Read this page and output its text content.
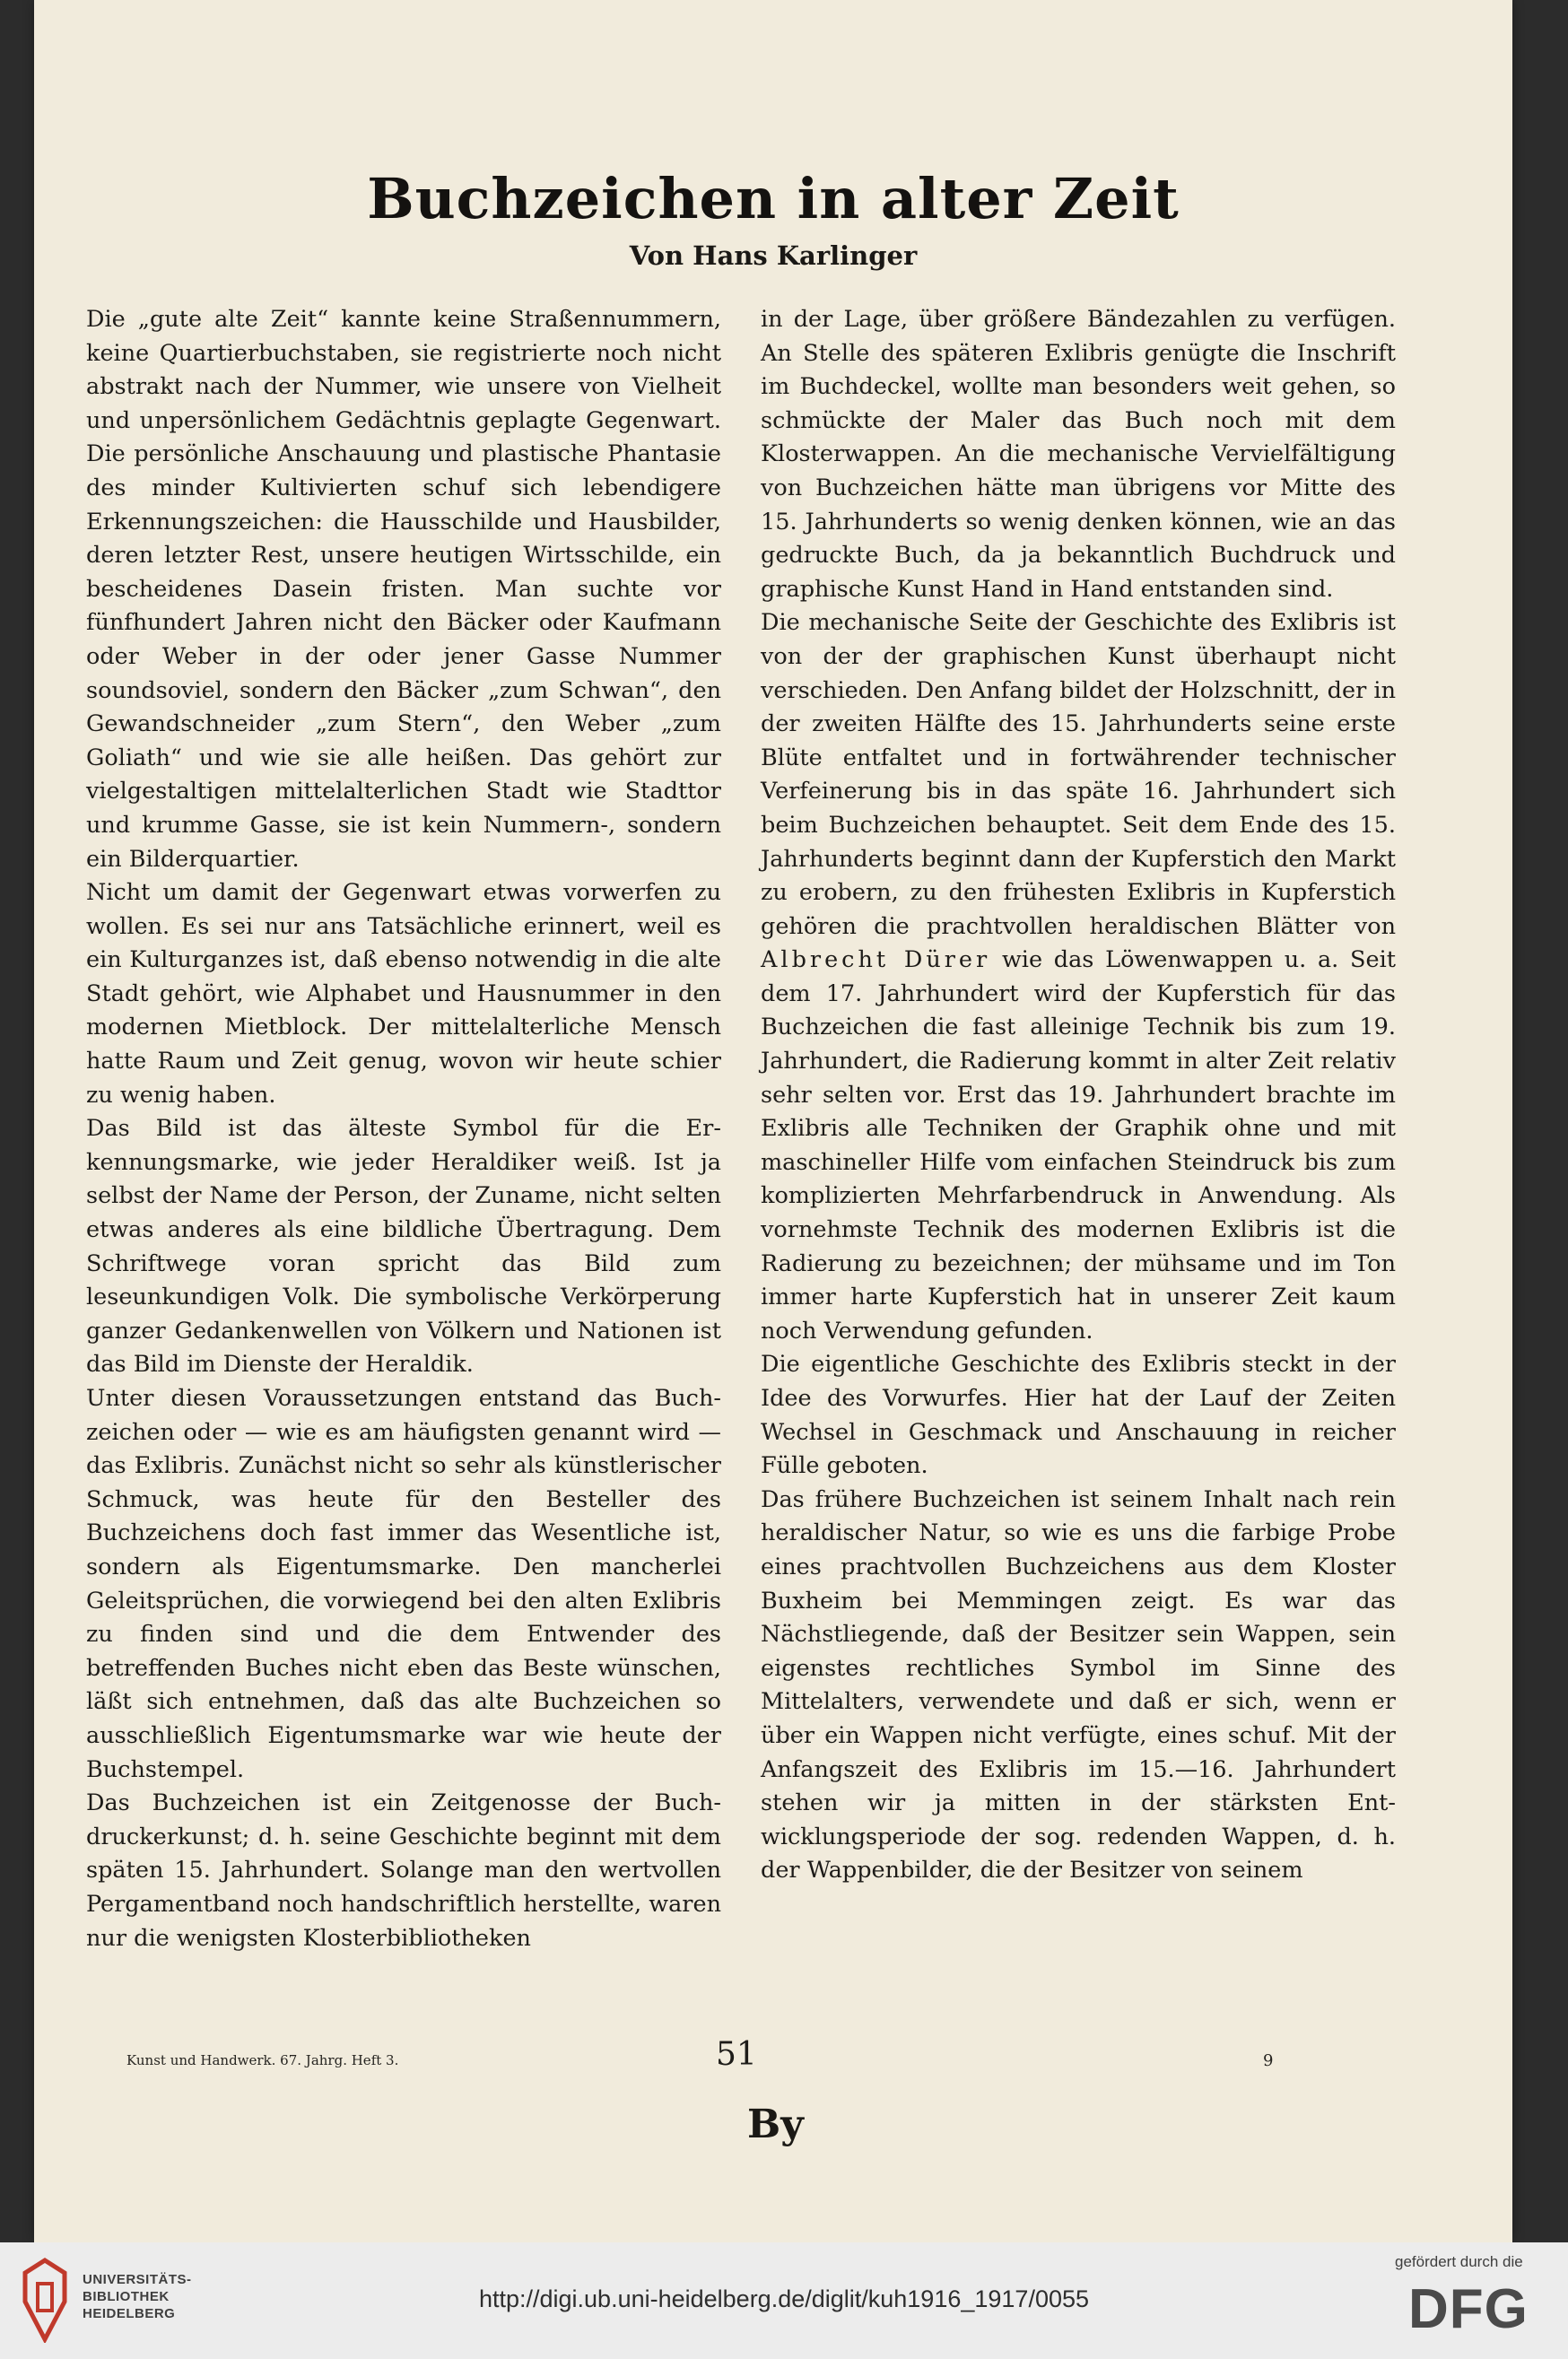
Buchzeichen in alter Zeit
Von Hans Karlinger

Die „gute alte Zeit“ kannte keine Straßennummern, keine Quartierbuchstaben, sie registrierte noch nicht abstrakt nach der Nummer, wie unsere von Vielheit und unpersönlichem Gedächtnis geplagte Gegenwart. Die persönliche Anschauung und plastische Phantasie des minder Kultivierten schuf sich lebendigere Erkennungszeichen: die Hausschilde und Hausbilder, deren letzter Rest, unsere heutigen Wirtsschilde, ein bescheidenes Dasein fristen. Man suchte vor fünfhundert Jahren nicht den Bäcker oder Kaufmann oder Weber in der oder jener Gasse Nummer soundsoviel, sondern den Bäcker „zum Schwan“, den Gewandschneider „zum Stern“, den Weber „zum Goliath“ und wie sie alle heißen. Das gehört zur vielgestaltigen mittelalterlichen Stadt wie Stadttor und krumme Gasse, sie ist kein Nummern-, sondern ein Bilderquartier.

Nicht um damit der Gegenwart etwas vorwerfen zu wollen. Es sei nur ans Tatsächliche erinnert, weil es ein Kulturganzes ist, daß ebenso notwendig in die alte Stadt gehört, wie Alphabet und Hausnummer in den modernen Mietblock. Der mittelalterliche Mensch hatte Raum und Zeit genug, wovon wir heute schier zu wenig haben.

Das Bild ist das älteste Symbol für die Erkennungsmarke, wie jeder Heraldiker weiß. Ist ja selbst der Name der Person, der Zuname, nicht selten etwas anderes als eine bildliche Übertragung. Dem Schriftwege voran spricht das Bild zum leseunkundigen Volk. Die symbolische Verkörperung ganzer Gedankenwellen von Völkern und Nationen ist das Bild im Dienste der Heraldik.

Unter diesen Voraussetzungen entstand das Buchzeichen oder — wie es am häufigsten genannt wird — das Exlibris. Zunächst nicht so sehr als künstlerischer Schmuck, was heute für den Besteller des Buchzeichens doch fast immer das Wesentliche ist, sondern als Eigentumsmarke. Den mancherlei Geleitsprüchen, die vorwiegend bei den alten Exlibris zu finden sind und die dem Entwender des betreffenden Buches nicht eben das Beste wünschen, läßt sich entnehmen, daß das alte Buchzeichen so ausschließlich Eigentumsmarke war wie heute der Buchstempel.

Das Buchzeichen ist ein Zeitgenosse der Buchdruckerkunst; d. h. seine Geschichte beginnt mit dem späten 15. Jahrhundert. Solange man den wertvollen Pergamentband noch handschriftlich herstellte, waren nur die wenigsten Klosterbibliotheken

in der Lage, über größere Bändezahlen zu verfügen. An Stelle des späteren Exlibris genügte die Inschrift im Buchdeckel, wollte man besonders weit gehen, so schmückte der Maler das Buch noch mit dem Klosterwappen. An die mechanische Vervielfältigung von Buchzeichen hätte man übrigens vor Mitte des 15. Jahrhunderts so wenig denken können, wie an das gedruckte Buch, da ja bekanntlich Buchdruck und graphische Kunst Hand in Hand entstanden sind.

Die mechanische Seite der Geschichte des Exlibris ist von der der graphischen Kunst überhaupt nicht verschieden. Den Anfang bildet der Holzschnitt, der in der zweiten Hälfte des 15. Jahrhunderts seine erste Blüte entfaltet und in fortwährender technischer Verfeinerung bis in das späte 16. Jahrhundert sich beim Buchzeichen behauptet. Seit dem Ende des 15. Jahrhunderts beginnt dann der Kupferstich den Markt zu erobern, zu den frühesten Exlibris in Kupferstich gehören die prachtvollen heraldischen Blätter von Albrecht Dürer wie das Löwenwappen u. a. Seit dem 17. Jahrhundert wird der Kupferstich für das Buchzeichen die fast alleinige Technik bis zum 19. Jahrhundert, die Radierung kommt in alter Zeit relativ sehr selten vor. Erst das 19. Jahrhundert brachte im Exlibris alle Techniken der Graphik ohne und mit maschineller Hilfe vom einfachen Steindruck bis zum komplizierten Mehrfarbendruck in Anwendung. Als vornehmste Technik des modernen Exlibris ist die Radierung zu bezeichnen; der mühsame und im Ton immer harte Kupferstich hat in unserer Zeit kaum noch Verwendung gefunden.

Die eigentliche Geschichte des Exlibris steckt in der Idee des Vorwurfes. Hier hat der Lauf der Zeiten Wechsel in Geschmack und Anschauung in reicher Fülle geboten.

Das frühere Buchzeichen ist seinem Inhalt nach rein heraldischer Natur, so wie es uns die farbige Probe eines prachtvollen Buchzeichens aus dem Kloster Buxheim bei Memmingen zeigt. Es war das Nächstliegende, daß der Besitzer sein Wappen, sein eigenstes rechtliches Symbol im Sinne des Mittelalters, verwendete und daß er sich, wenn er über ein Wappen nicht verfügte, eines schuf. Mit der Anfangszeit des Exlibris im 15.—16. Jahrhundert stehen wir ja mitten in der stärksten Entwicklungsperiode der sog. redenden Wappen, d. h. der Wappenbilder, die der Besitzer von seinem

Kunst und Handwerk. 67. Jahrg. Heft 3.	51	9
By
UNIVERSITÄTS-
BIBLIOTHEK
HEIDELBERG
http://digi.ub.uni-heidelberg.de/diglit/kuh1916_1917/0055
gefördert durch die
DFG
